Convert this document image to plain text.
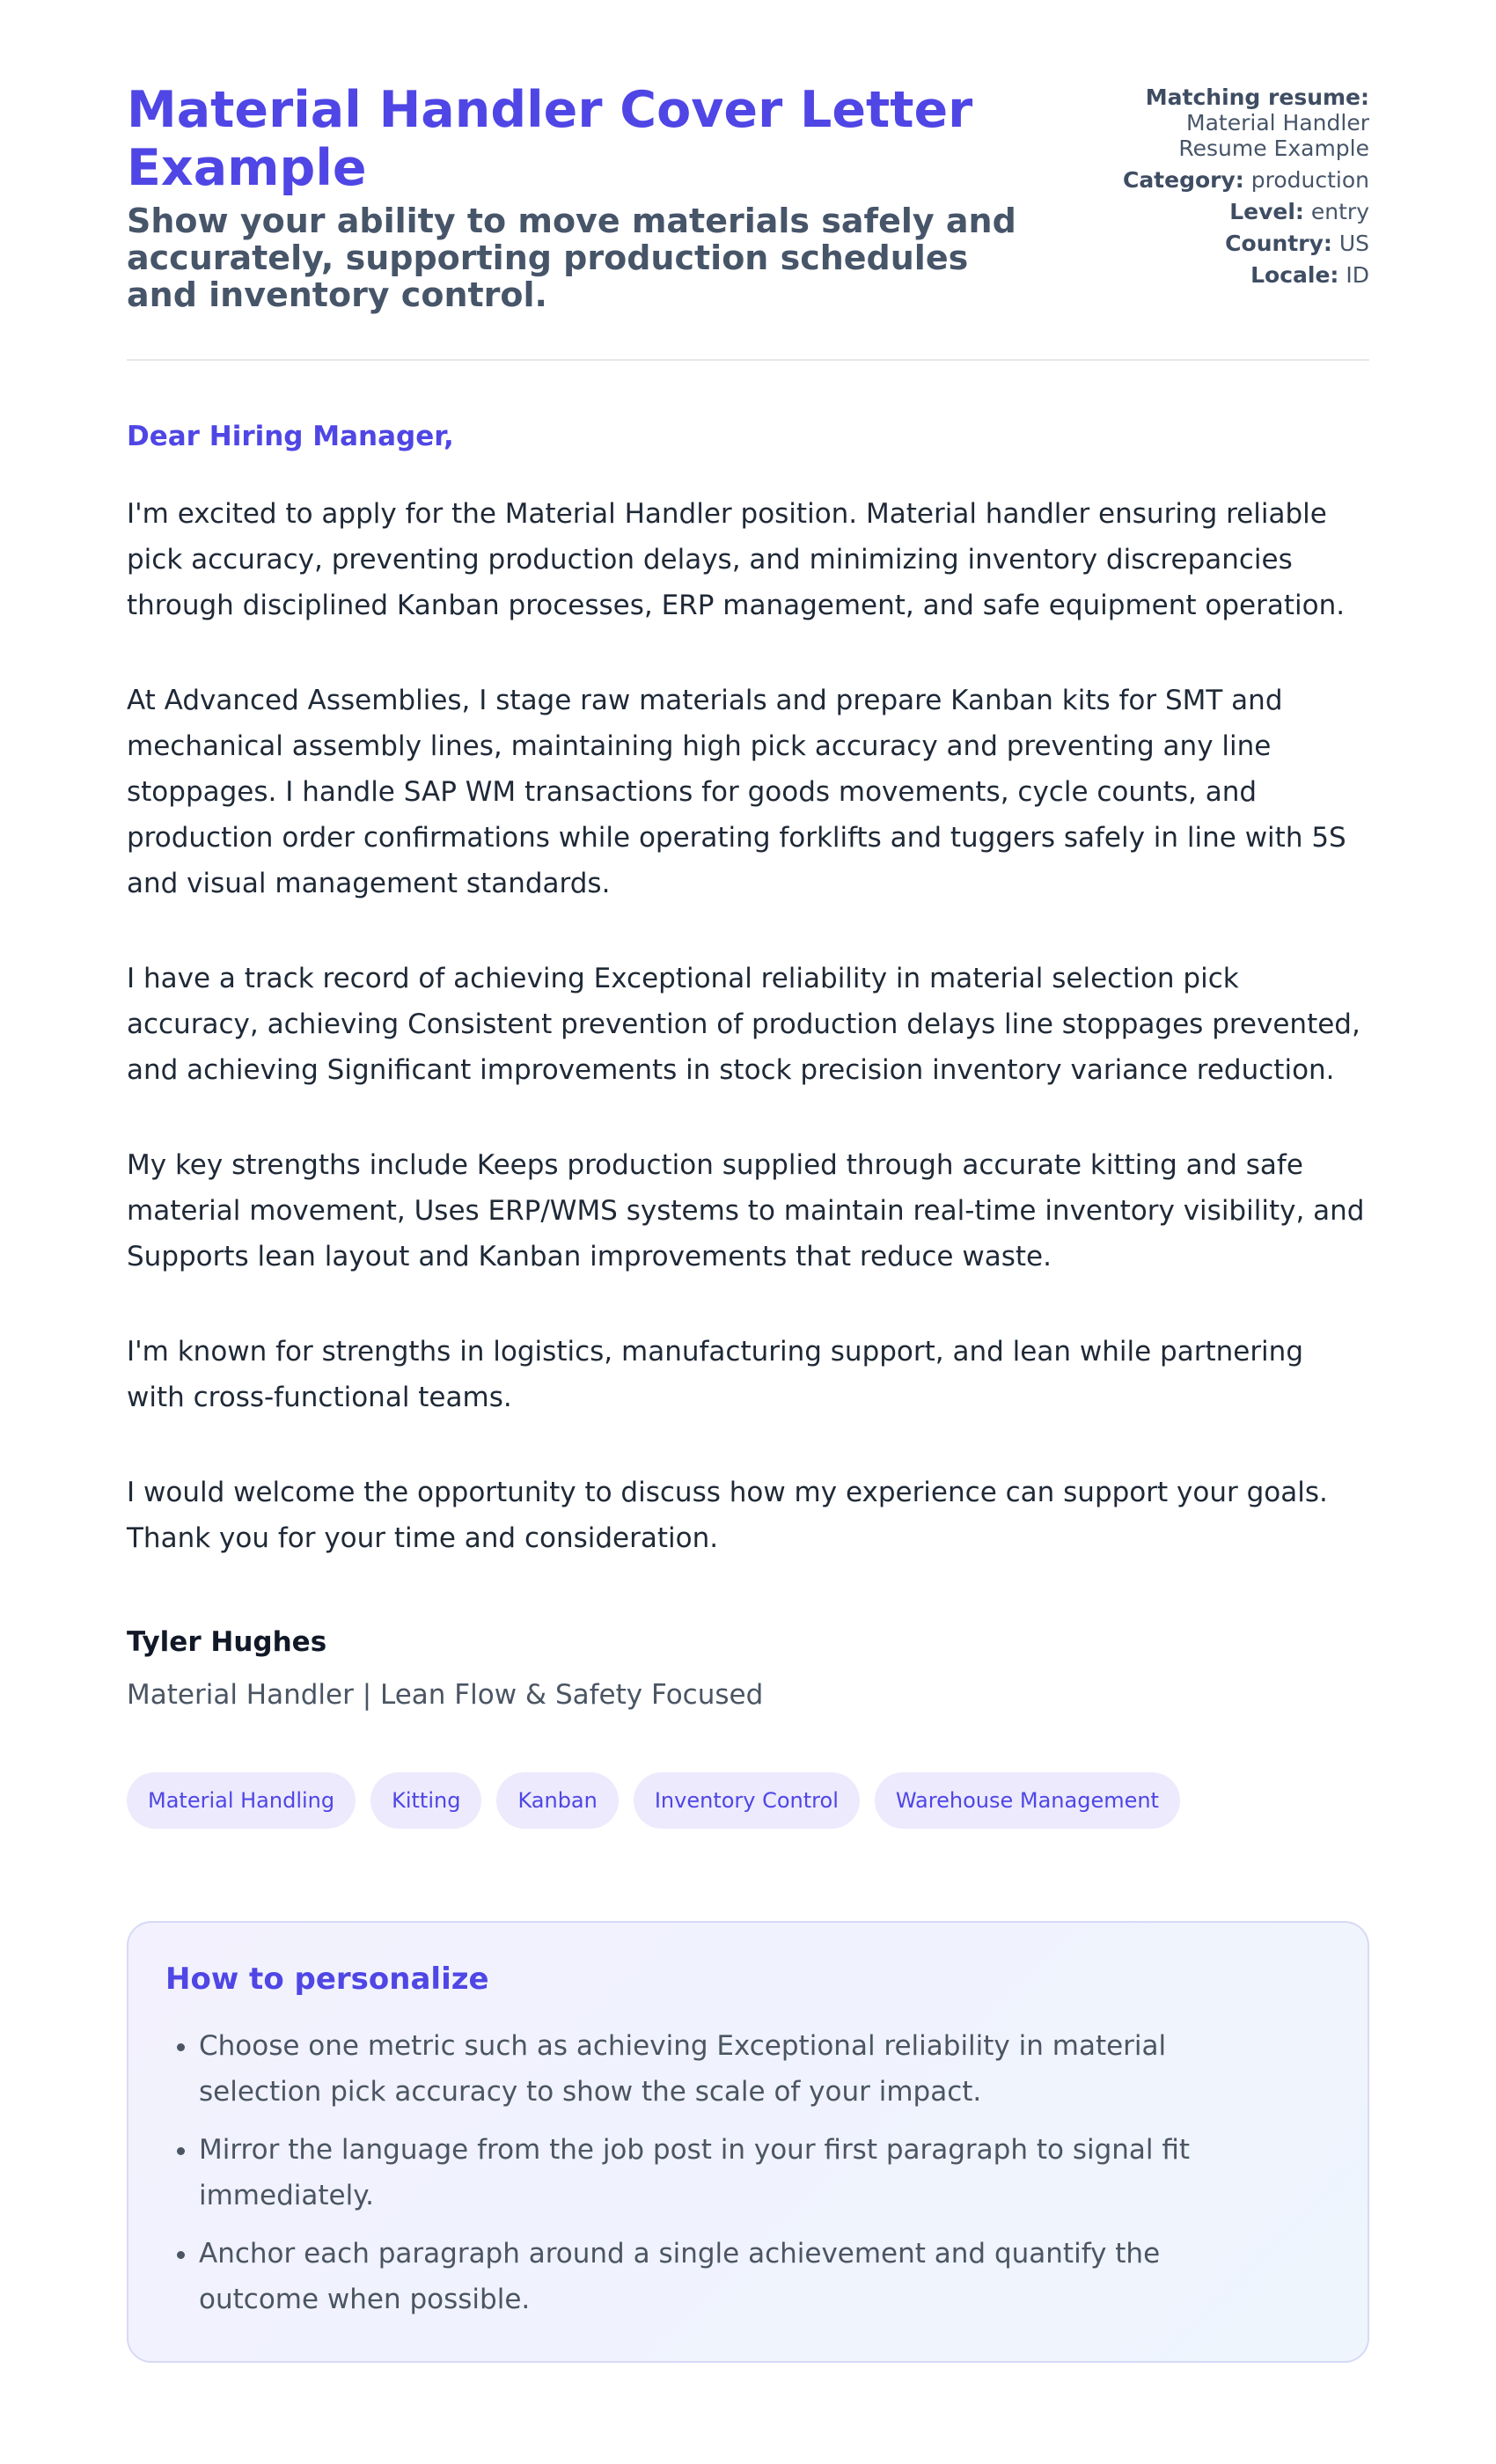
Material Handler Cover Letter Example

Show your ability to move materials safely and accurately, supporting production schedules and inventory control.

Matching resume:
Material Handler Resume Example
Category: production
Level: entry
Country: US
Locale: ID
Dear Hiring Manager,

I'm excited to apply for the Material Handler position. Material handler ensuring reliable pick accuracy, preventing production delays, and minimizing inventory discrepancies through disciplined Kanban processes, ERP management, and safe equipment operation.

At Advanced Assemblies, I stage raw materials and prepare Kanban kits for SMT and mechanical assembly lines, maintaining high pick accuracy and preventing any line stoppages. I handle SAP WM transactions for goods movements, cycle counts, and production order confirmations while operating forklifts and tuggers safely in line with 5S and visual management standards.

I have a track record of achieving Exceptional reliability in material selection pick accuracy, achieving Consistent prevention of production delays line stoppages prevented, and achieving Significant improvements in stock precision inventory variance reduction.

My key strengths include Keeps production supplied through accurate kitting and safe material movement, Uses ERP/WMS systems to maintain real-time inventory visibility, and Supports lean layout and Kanban improvements that reduce waste.

I'm known for strengths in logistics, manufacturing support, and lean while partnering with cross-functional teams.

I would welcome the opportunity to discuss how my experience can support your goals. Thank you for your time and consideration.

Tyler Hughes

Material Handler | Lean Flow & Safety Focused

Material Handling	Kitting	Kanban	Inventory Control	Warehouse Management
How to personalize
• Choose one metric such as achieving Exceptional reliability in material selection pick accuracy to show the scale of your impact.
• Mirror the language from the job post in your first paragraph to signal fit immediately.
• Anchor each paragraph around a single achievement and quantify the outcome when possible.
